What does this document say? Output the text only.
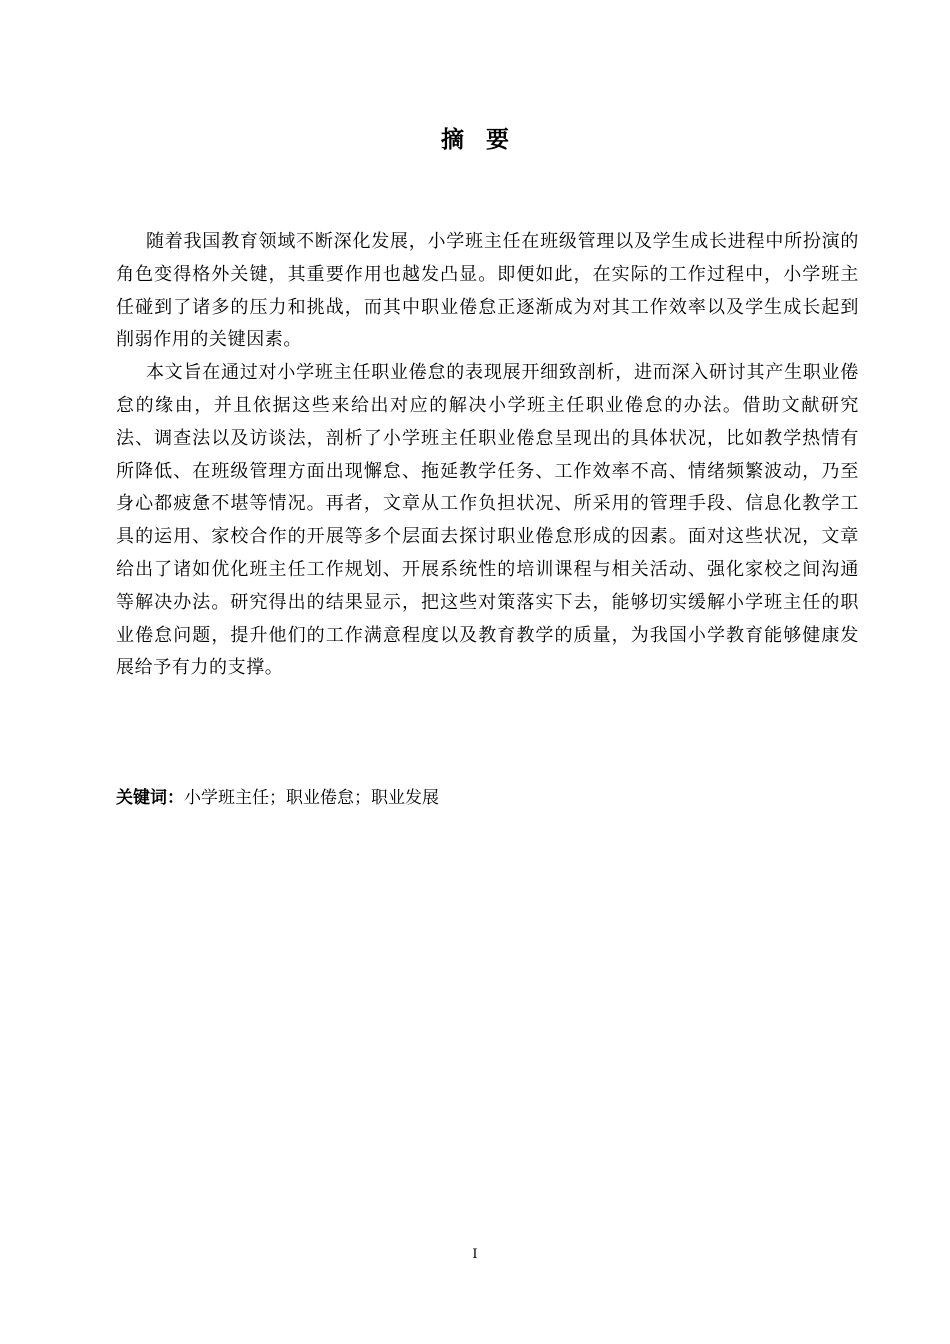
摘要

随着我国教育领域不断深化发展，小学班主任在班级管理以及学生成长进程中所扮演的角色变得格外关键，其重要作用也越发凸显。即便如此，在实际的工作过程中，小学班主任碰到了诸多的压力和挑战，而其中职业倦怠正逐渐成为对其工作效率以及学生成长起到削弱作用的关键因素。

本文旨在通过对小学班主任职业倦怠的表现展开细致剖析，进而深入研讨其产生职业倦怠的缘由，并且依据这些来给出对应的解决小学班主任职业倦怠的办法。借助文献研究法、调查法以及访谈法，剖析了小学班主任职业倦怠呈现出的具体状况，比如教学热情有所降低、在班级管理方面出现懈怠、拖延教学任务、工作效率不高、情绪频繁波动，乃至身心都疲惫不堪等情况。再者，文章从工作负担状况、所采用的管理手段、信息化教学工具的运用、家校合作的开展等多个层面去探讨职业倦怠形成的因素。面对这些状况，文章给出了诸如优化班主任工作规划、开展系统性的培训课程与相关活动、强化家校之间沟通等解决办法。研究得出的结果显示，把这些对策落实下去，能够切实缓解小学班主任的职业倦怠问题，提升他们的工作满意程度以及教育教学的质量，为我国小学教育能够健康发展给予有力的支撑。

关键词：小学班主任；职业倦怠；职业发展
I
